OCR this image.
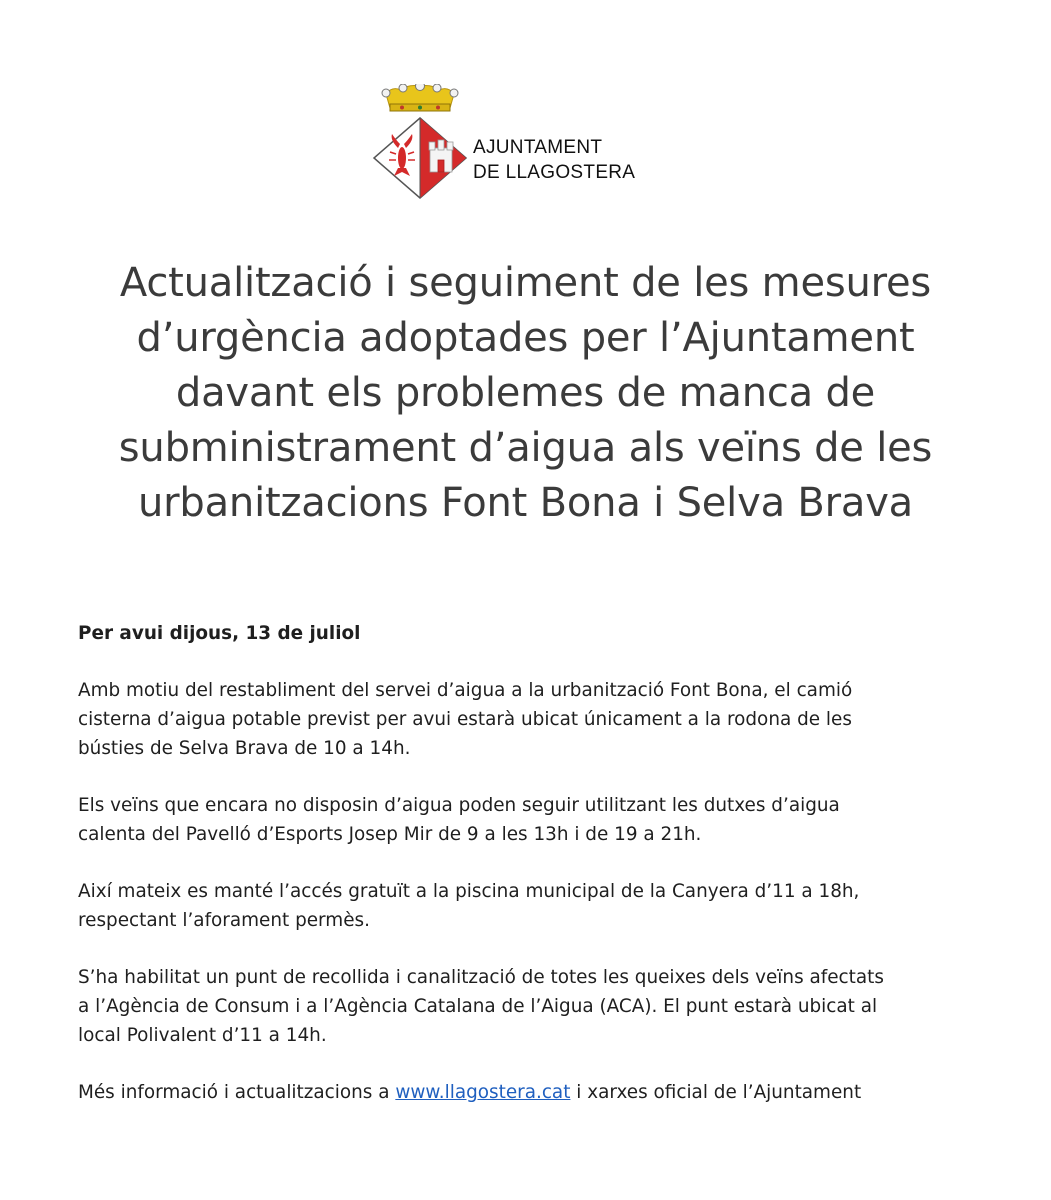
AJUNTAMENT
DE LLAGOSTERA
Actualització i seguiment de les mesures
d’urgència adoptades per l’Ajuntament
davant els problemes de manca de
subministrament d’aigua als veïns de les
urbanitzacions Font Bona i Selva Brava

Per avui dijous, 13 de juliol

Amb motiu del restabliment del servei d’aigua a la urbanització Font Bona, el camió
cisterna d’aigua potable previst per avui estarà ubicat únicament a la rodona de les
bústies de Selva Brava de 10 a 14h.

Els veïns que encara no disposin d’aigua poden seguir utilitzant les dutxes d’aigua
calenta del Pavelló d’Esports Josep Mir de 9 a les 13h i de 19 a 21h.

Així mateix es manté l’accés gratuït a la piscina municipal de la Canyera d’11 a 18h,
respectant l’aforament permès.

S’ha habilitat un punt de recollida i canalització de totes les queixes dels veïns afectats
a l’Agència de Consum i a l’Agència Catalana de l’Aigua (ACA). El punt estarà ubicat al
local Polivalent d’11 a 14h.

Més informació i actualitzacions a www.llagostera.cat i xarxes oficial de l’Ajuntament
